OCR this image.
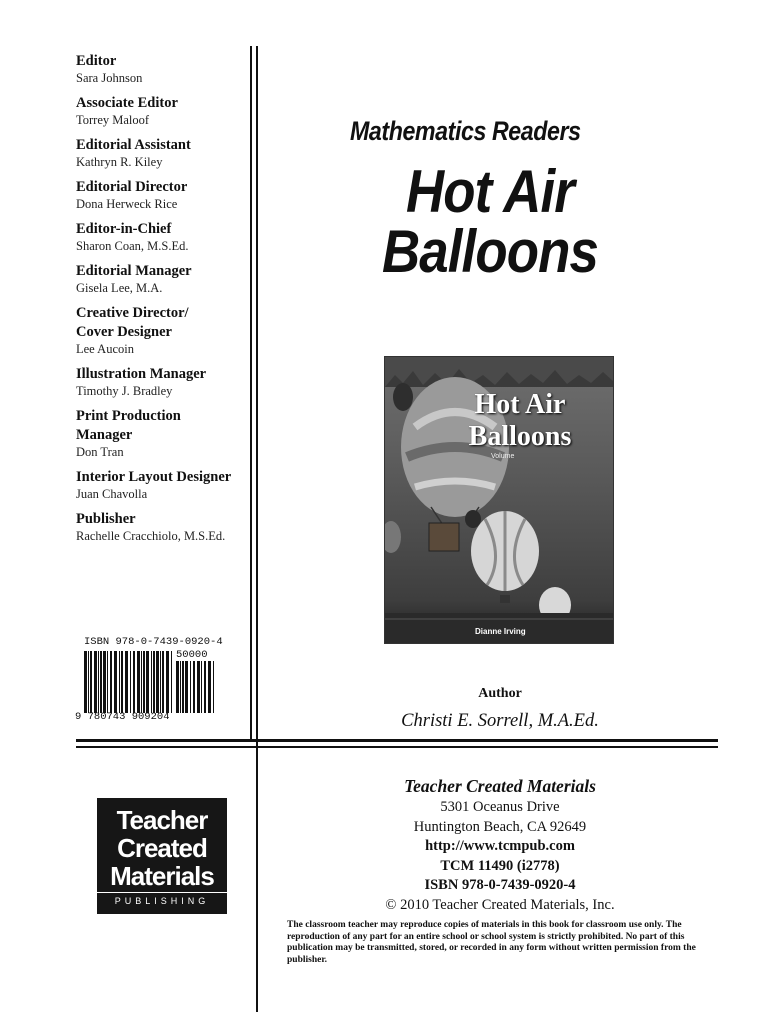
Editor
Sara Johnson
Associate Editor
Torrey Maloof
Editorial Assistant
Kathryn R. Kiley
Editorial Director
Dona Herweck Rice
Editor-in-Chief
Sharon Coan, M.S.Ed.
Editorial Manager
Gisela Lee, M.A.
Creative Director/ Cover Designer
Lee Aucoin
Illustration Manager
Timothy J. Bradley
Print Production Manager
Don Tran
Interior Layout Designer
Juan Chavolla
Publisher
Rachelle Cracchiolo, M.S.Ed.
Mathematics Readers
Hot Air
Balloons
Hot Air
Balloons
Volume
Dianne Irving
ISBN 978-0-7439-0920-4
50000
9 780743 909204
Author
Christi E. Sorrell, M.A.Ed.
Teacher
Created
Materials
PUBLISHING
Teacher Created Materials
5301 Oceanus Drive
Huntington Beach, CA 92649
http://www.tcmpub.com
TCM 11490 (i2778)
ISBN 978-0-7439-0920-4
© 2010 Teacher Created Materials, Inc.
The classroom teacher may reproduce copies of materials in this book for classroom use only. The reproduction of any part for an entire school or school system is strictly prohibited. No part of this publication may be transmitted, stored, or recorded in any form without written permission from the publisher.
